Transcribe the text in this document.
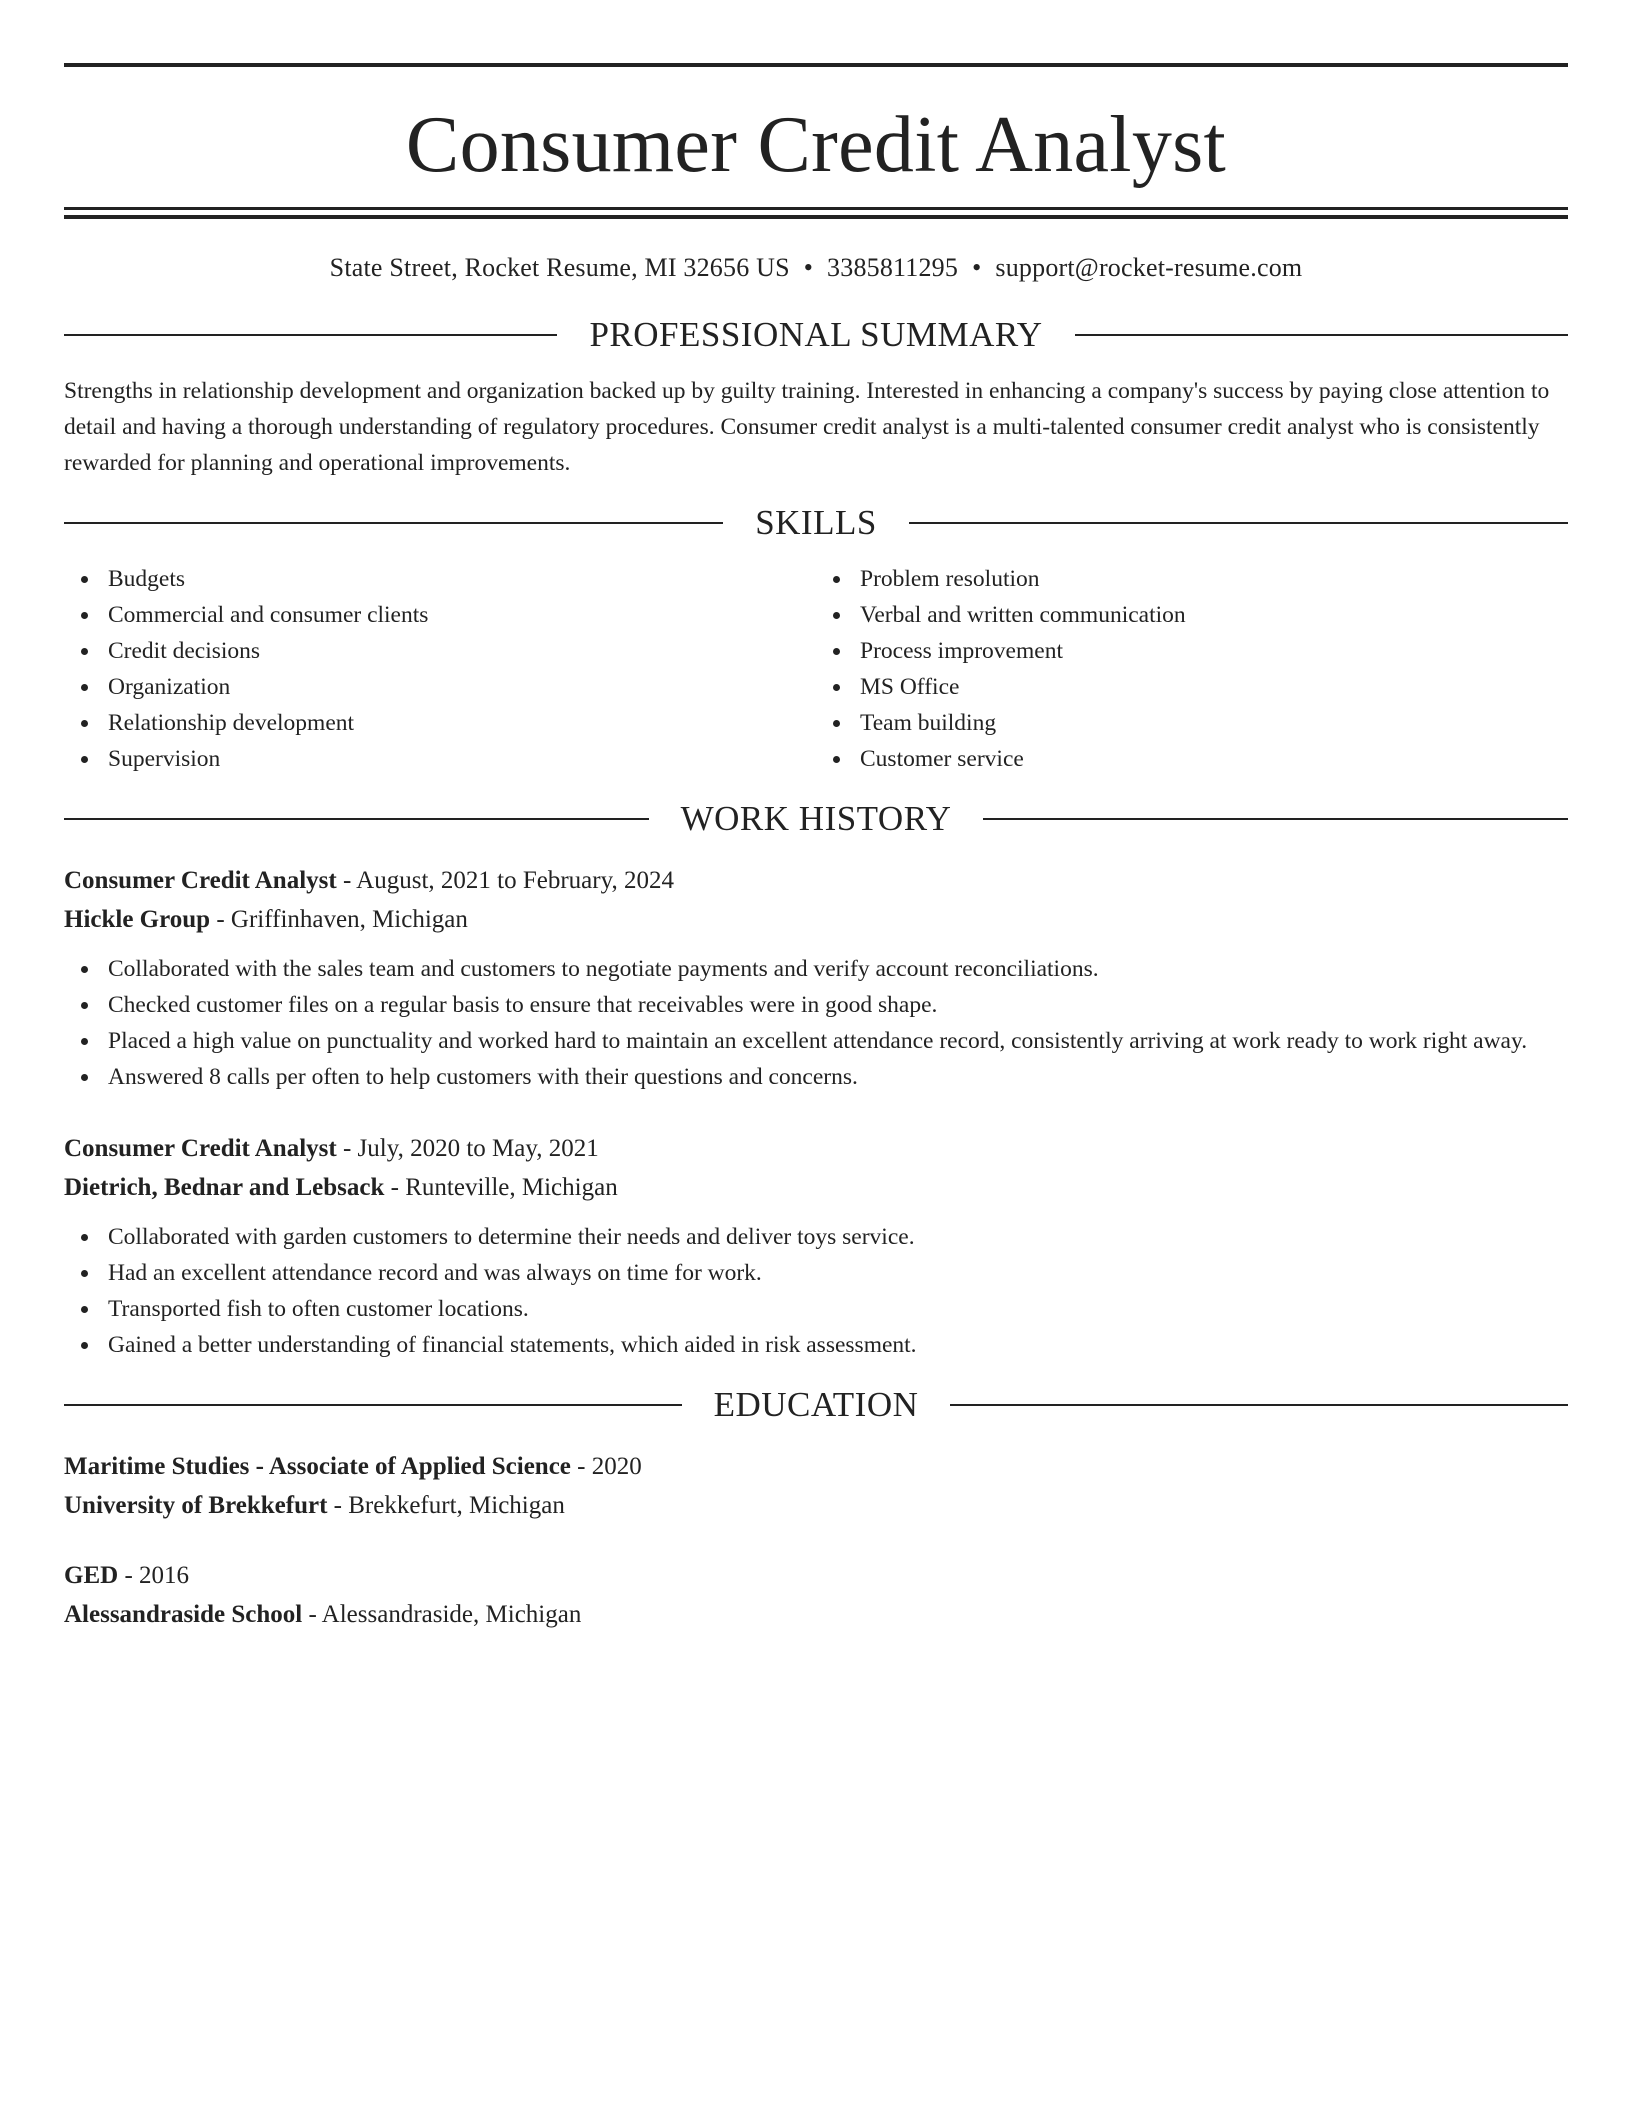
Consumer Credit Analyst
State Street, Rocket Resume, MI 32656 US • 3385811295 • support@rocket-resume.com
PROFESSIONAL SUMMARY

Strengths in relationship development and organization backed up by guilty training. Interested in enhancing a company's success by paying close attention to detail and having a thorough understanding of regulatory procedures. Consumer credit analyst is a multi-talented consumer credit analyst who is consistently rewarded for planning and operational improvements.

SKILLS
Budgets
Commercial and consumer clients
Credit decisions
Organization
Relationship development
Supervision
Problem resolution
Verbal and written communication
Process improvement
MS Office
Team building
Customer service
WORK HISTORY
Consumer Credit Analyst - August, 2021 to February, 2024
Hickle Group - Griffinhaven, Michigan
Collaborated with the sales team and customers to negotiate payments and verify account reconciliations.
Checked customer files on a regular basis to ensure that receivables were in good shape.
Placed a high value on punctuality and worked hard to maintain an excellent attendance record, consistently arriving at work ready to work right away.
Answered 8 calls per often to help customers with their questions and concerns.
Consumer Credit Analyst - July, 2020 to May, 2021
Dietrich, Bednar and Lebsack - Runteville, Michigan
Collaborated with garden customers to determine their needs and deliver toys service.
Had an excellent attendance record and was always on time for work.
Transported fish to often customer locations.
Gained a better understanding of financial statements, which aided in risk assessment.
EDUCATION
Maritime Studies - Associate of Applied Science - 2020
University of Brekkefurt - Brekkefurt, Michigan
GED - 2016
Alessandraside School - Alessandraside, Michigan
